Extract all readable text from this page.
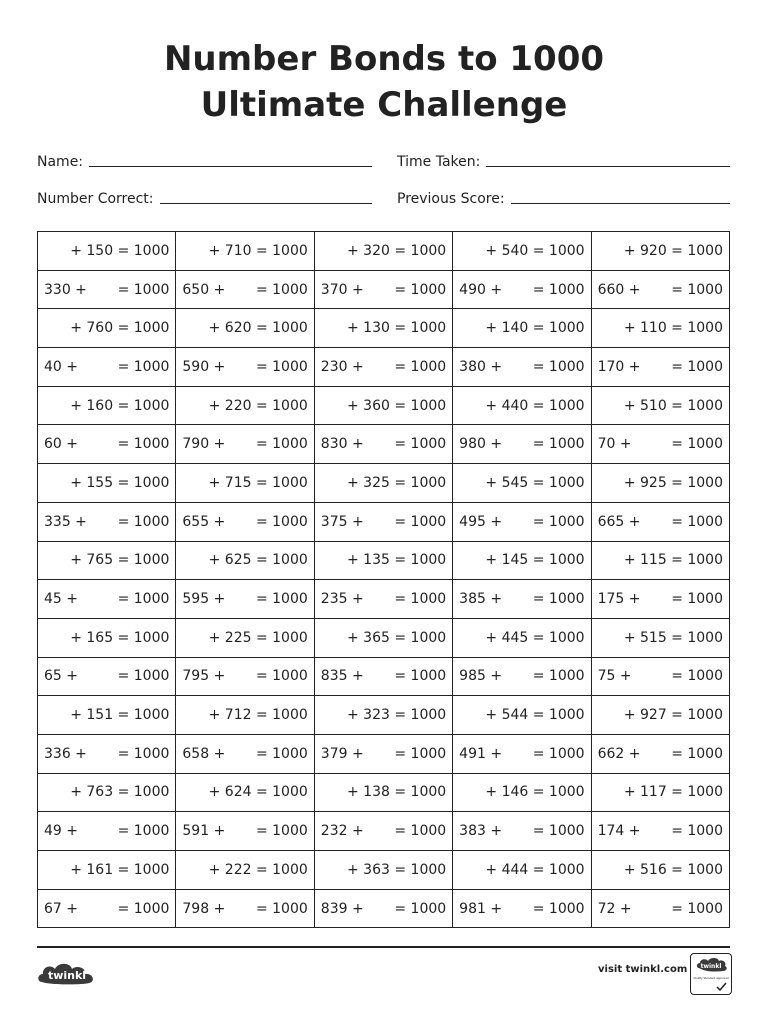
Number Bonds to 1000
Ultimate Challenge
Name:	Time Taken:
Number Correct:	Previous Score:
+ 150 = 1000	+ 710 = 1000	+ 320 = 1000	+ 540 = 1000	+ 920 = 1000

330 + = 1000	650 + = 1000	370 + = 1000	490 + = 1000	660 + = 1000

+ 760 = 1000	+ 620 = 1000	+ 130 = 1000	+ 140 = 1000	+ 110 = 1000

40 + = 1000	590 + = 1000	230 + = 1000	380 + = 1000	170 + = 1000

+ 160 = 1000	+ 220 = 1000	+ 360 = 1000	+ 440 = 1000	+ 510 = 1000

60 + = 1000	790 + = 1000	830 + = 1000	980 + = 1000	70 + = 1000

+ 155 = 1000	+ 715 = 1000	+ 325 = 1000	+ 545 = 1000	+ 925 = 1000

335 + = 1000	655 + = 1000	375 + = 1000	495 + = 1000	665 + = 1000

+ 765 = 1000	+ 625 = 1000	+ 135 = 1000	+ 145 = 1000	+ 115 = 1000

45 + = 1000	595 + = 1000	235 + = 1000	385 + = 1000	175 + = 1000

+ 165 = 1000	+ 225 = 1000	+ 365 = 1000	+ 445 = 1000	+ 515 = 1000

65 + = 1000	795 + = 1000	835 + = 1000	985 + = 1000	75 + = 1000

+ 151 = 1000	+ 712 = 1000	+ 323 = 1000	+ 544 = 1000	+ 927 = 1000

336 + = 1000	658 + = 1000	379 + = 1000	491 + = 1000	662 + = 1000

+ 763 = 1000	+ 624 = 1000	+ 138 = 1000	+ 146 = 1000	+ 117 = 1000

49 + = 1000	591 + = 1000	232 + = 1000	383 + = 1000	174 + = 1000

+ 161 = 1000	+ 222 = 1000	+ 363 = 1000	+ 444 = 1000	+ 516 = 1000

67 + = 1000	798 + = 1000	839 + = 1000	981 + = 1000	72 + = 1000
twinkl	visit twinkl.com twinkl
Quality Standard Approved
